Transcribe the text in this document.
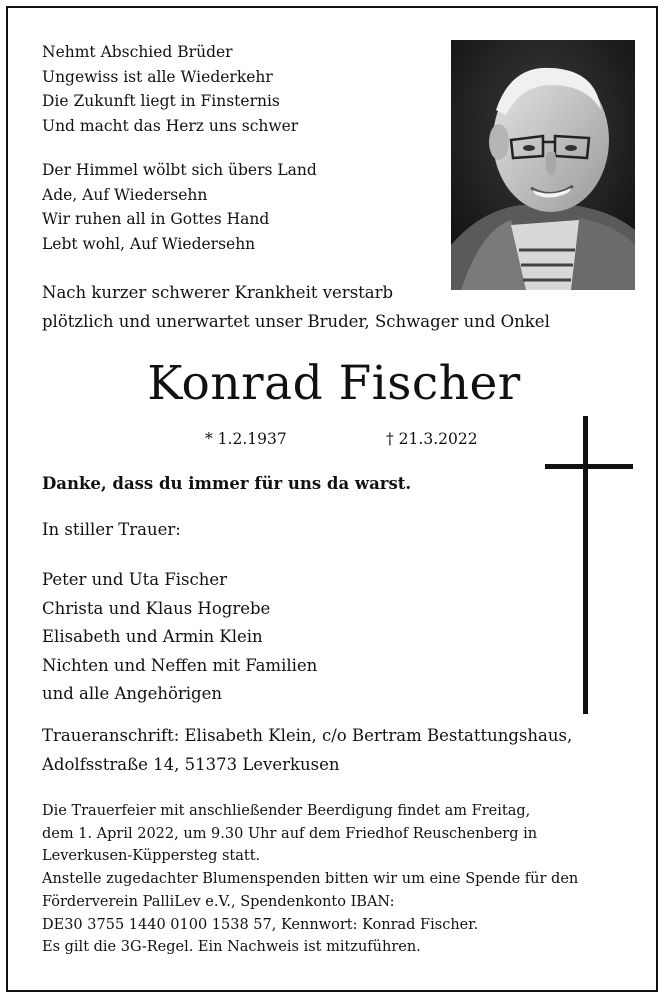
Nehmt Abschied Brüder
Ungewiss ist alle Wiederkehr
Die Zukunft liegt in Finsternis
Und macht das Herz uns schwer
Der Himmel wölbt sich übers Land
Ade, Auf Wiedersehn
Wir ruhen all in Gottes Hand
Lebt wohl, Auf Wiedersehn
Nach kurzer schwerer Krankheit verstarb
plötzlich und unerwartet unser Bruder, Schwager und Onkel
Konrad Fischer
* 1.2.1937	† 21.3.2022
Danke, dass du immer für uns da warst.
In stiller Trauer:
Peter und Uta Fischer
Christa und Klaus Hogrebe
Elisabeth und Armin Klein
Nichten und Neffen mit Familien
und alle Angehörigen
Traueranschrift: Elisabeth Klein, c/o Bertram Bestattungshaus,
Adolfsstraße 14, 51373 Leverkusen
Die Trauerfeier mit anschließender Beerdigung findet am Freitag,
dem 1. April 2022, um 9.30 Uhr auf dem Friedhof Reuschenberg in
Leverkusen-Küppersteg statt.
Anstelle zugedachter Blumenspenden bitten wir um eine Spende für den
Förderverein PalliLev e.V., Spendenkonto IBAN:
DE30 3755 1440 0100 1538 57, Kennwort: Konrad Fischer.
Es gilt die 3G-Regel. Ein Nachweis ist mitzuführen.
